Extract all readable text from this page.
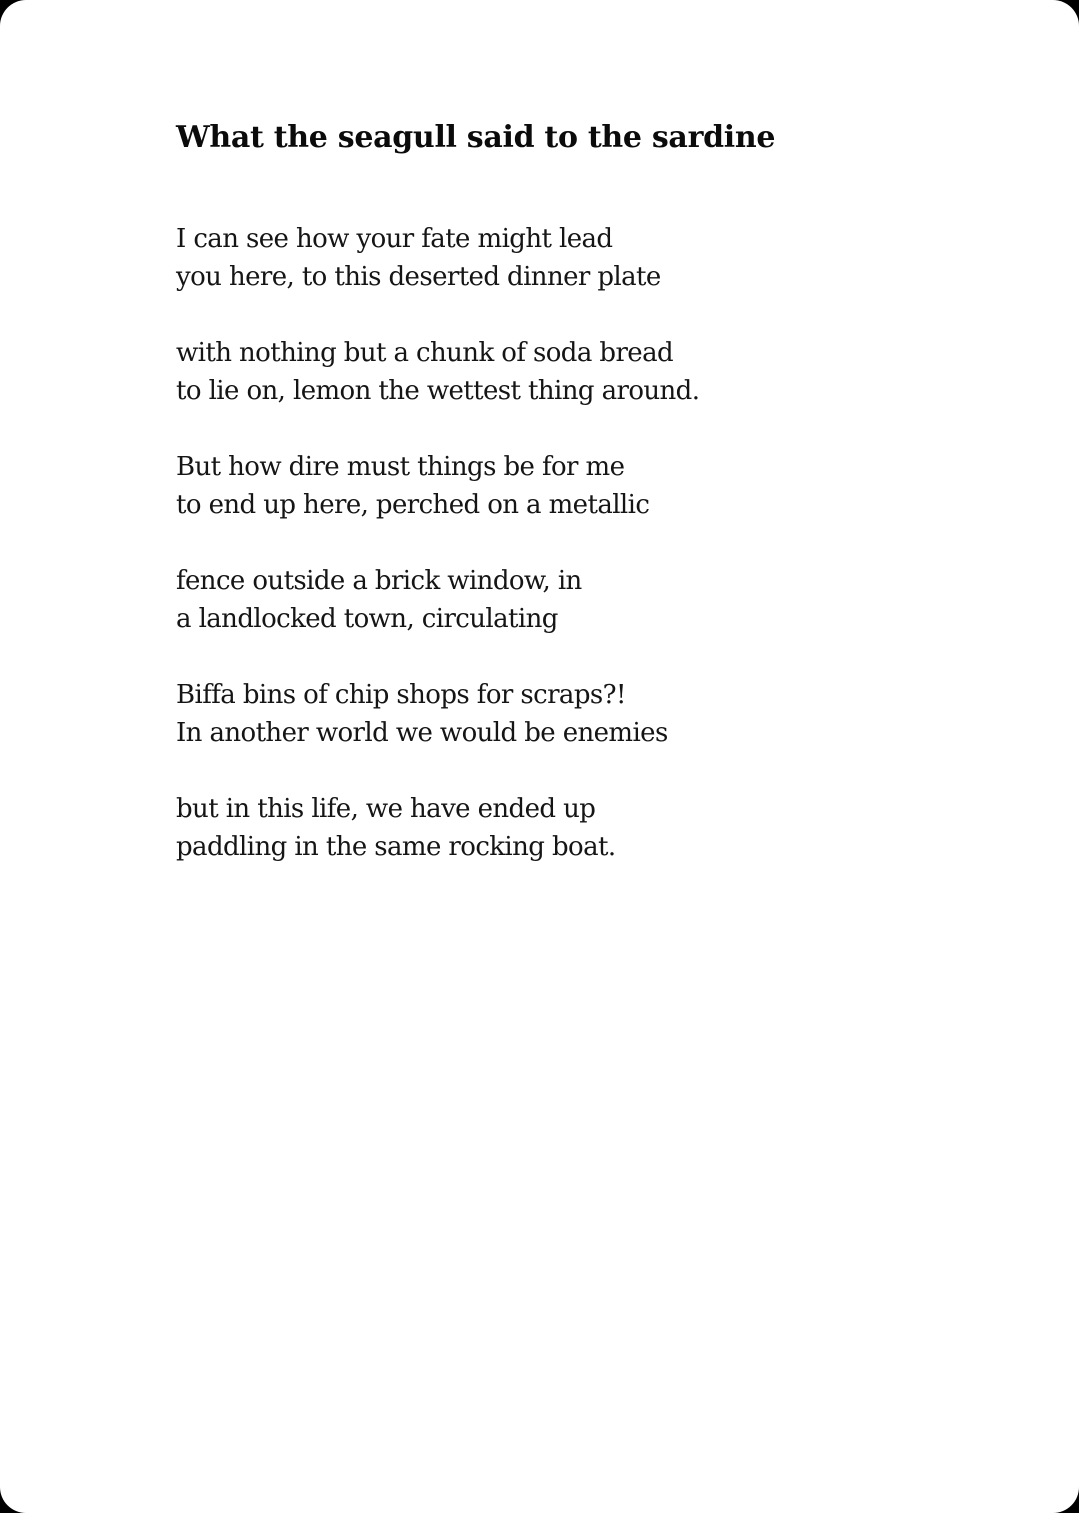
What the seagull said to the sardine

I can see how your fate might lead
you here, to this deserted dinner plate

with nothing but a chunk of soda bread
to lie on, lemon the wettest thing around.

But how dire must things be for me
to end up here, perched on a metallic

fence outside a brick window, in
a landlocked town, circulating

Biffa bins of chip shops for scraps?!
In another world we would be enemies

but in this life, we have ended up
paddling in the same rocking boat.
